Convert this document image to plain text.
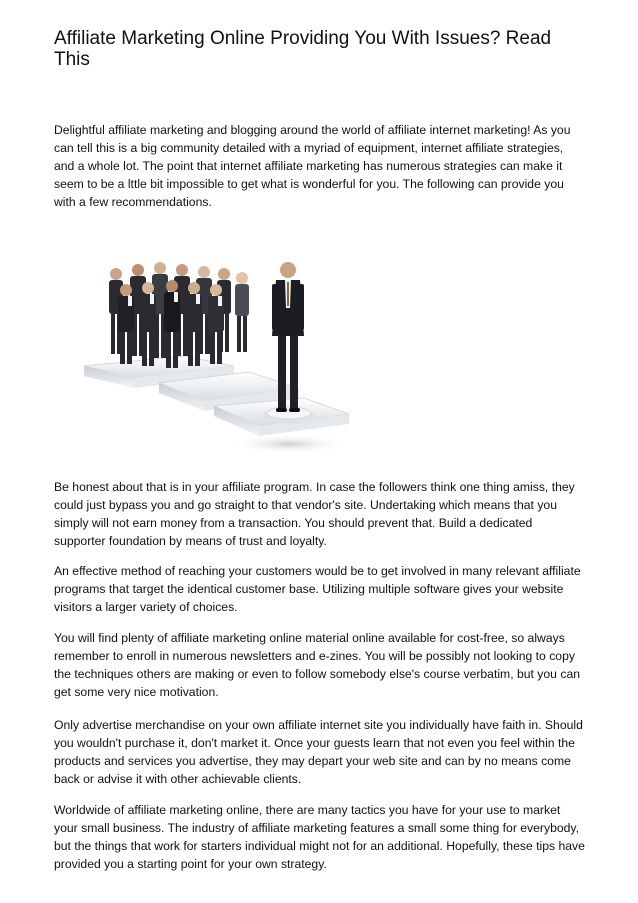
Affiliate Marketing Online Providing You With Issues? Read This

Delightful affiliate marketing and blogging around the world of affiliate internet marketing! As you can tell this is a big community detailed with a myriad of equipment, internet affiliate strategies, and a whole lot. The point that internet affiliate marketing has numerous strategies can make it seem to be a lttle bit impossible to get what is wonderful for you. The following can provide you with a few recommendations.

Be honest about that is in your affiliate program. In case the followers think one thing amiss, they could just bypass you and go straight to that vendor's site. Undertaking which means that you simply will not earn money from a transaction. You should prevent that. Build a dedicated supporter foundation by means of trust and loyalty.

An effective method of reaching your customers would be to get involved in many relevant affiliate programs that target the identical customer base. Utilizing multiple software gives your website visitors a larger variety of choices.

You will find plenty of affiliate marketing online material online available for cost-free, so always remember to enroll in numerous newsletters and e-zines. You will be possibly not looking to copy the techniques others are making or even to follow somebody else's course verbatim, but you can get some very nice motivation.

Only advertise merchandise on your own affiliate internet site you individually have faith in. Should you wouldn't purchase it, don't market it. Once your guests learn that not even you feel within the products and services you advertise, they may depart your web site and can by no means come back or advise it with other achievable clients.

Worldwide of affiliate marketing online, there are many tactics you have for your use to market your small business. The industry of affiliate marketing features a small some thing for everybody, but the things that work for starters individual might not for an additional. Hopefully, these tips have provided you a starting point for your own strategy.
